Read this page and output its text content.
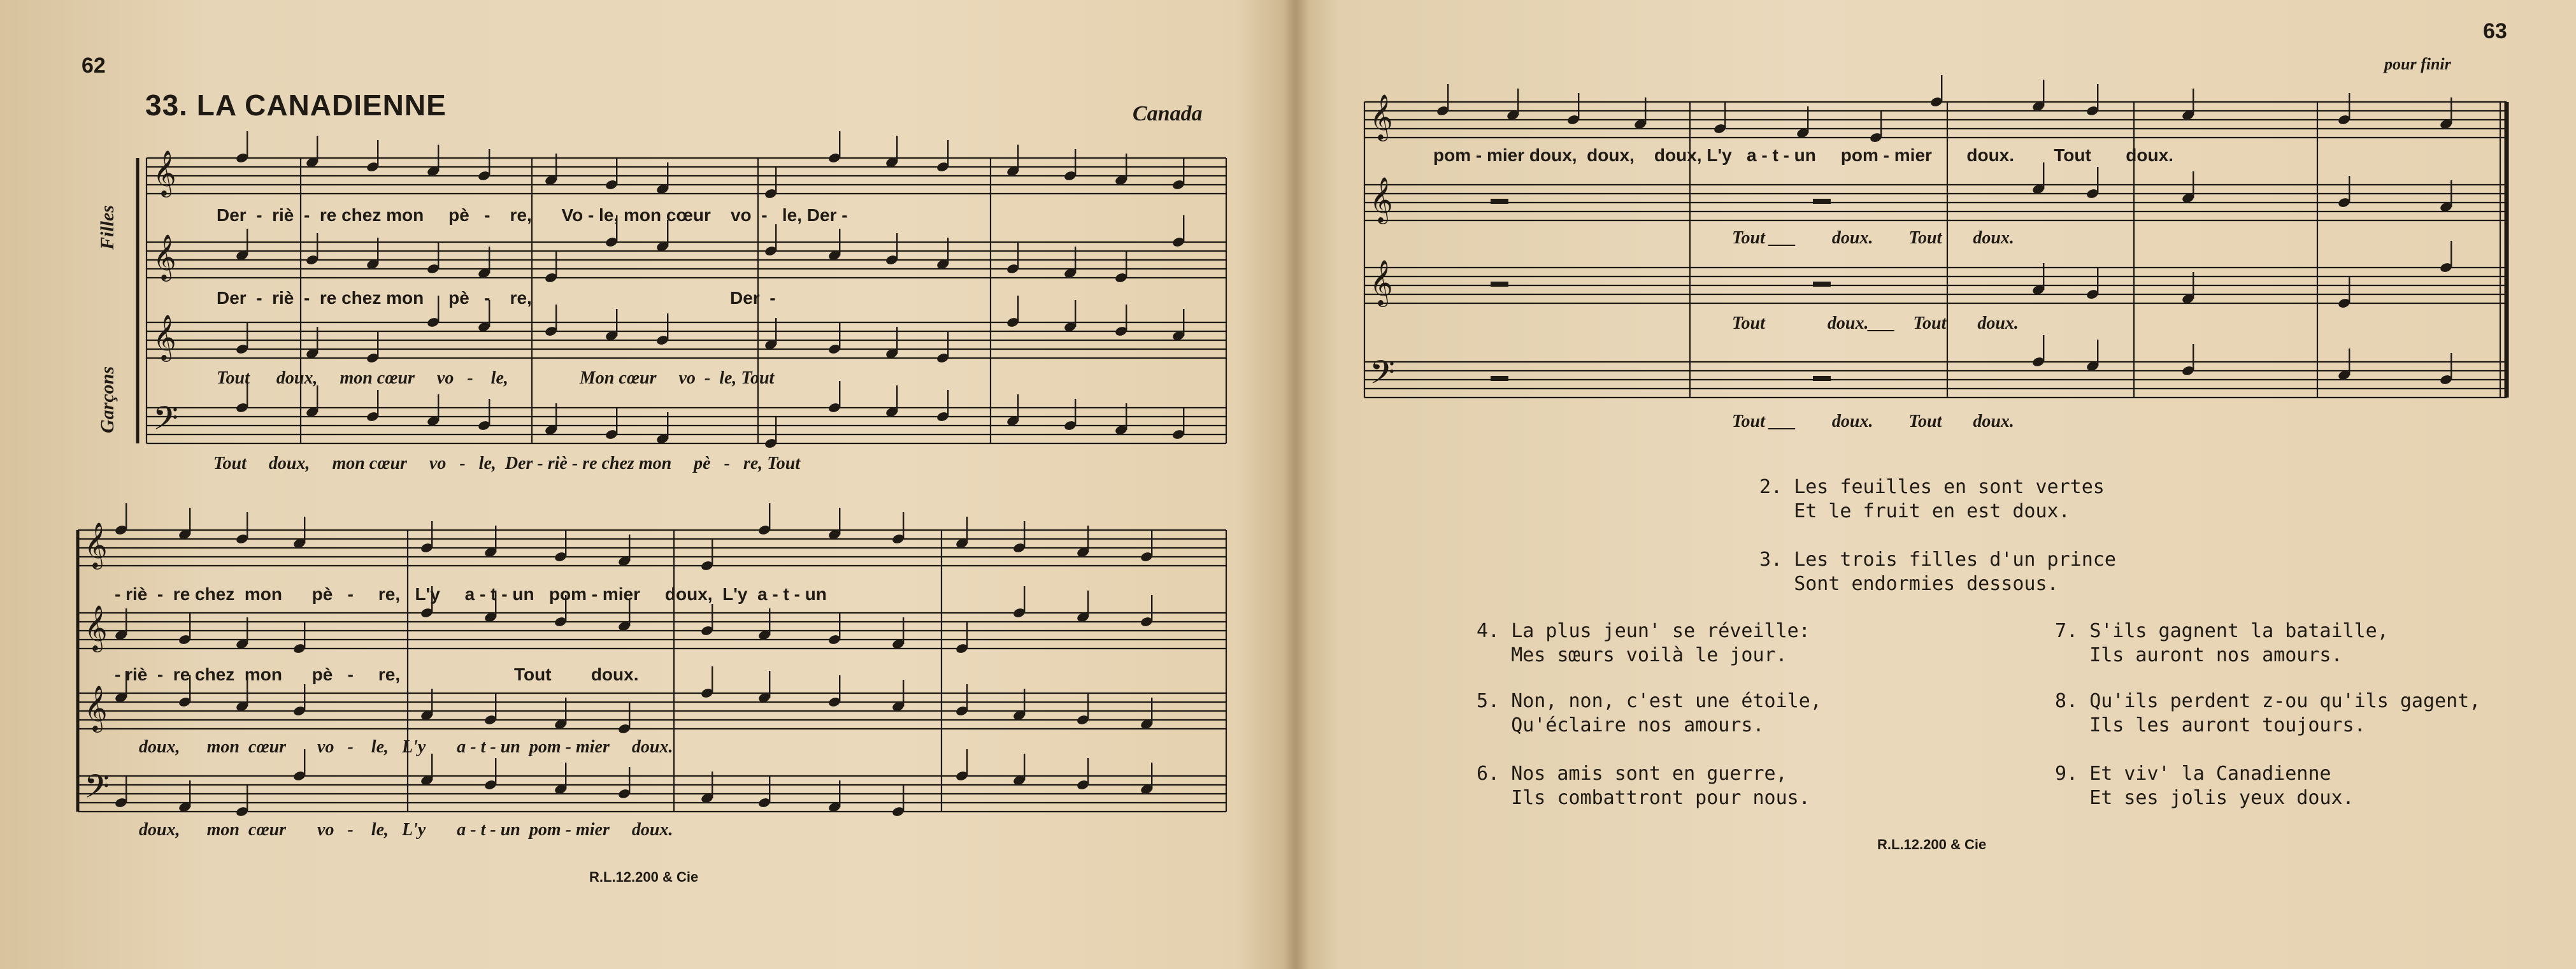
62
33. LA CANADIENNE	Canada
Filles
Garçons
𝄞
𝄞
𝄞
𝄢
𝄞
𝄞
𝄞
𝄢
Der  -  riè  -  re chez mon     pè   -    re,      Vo - le, mon cœur    vo  -   le, Der -
Der  -  riè  -  re chez mon     pè   -    re,                                        Der  -
Tout      doux,     mon cœur     vo   -    le,                Mon cœur     vo  -  le, Tout
Tout     doux,     mon cœur     vo   -   le,  Der - riè - re chez mon     pè   -   re, Tout
- riè  -  re chez  mon      pè   -     re,   L'y     a - t - un   pom - mier     doux,  L'y  a - t - un
- riè  -  re chez  mon      pè   -     re,                       Tout        doux.
doux,      mon  cœur       vo   -    le,   L'y       a - t - un  pom - mier     doux.
doux,      mon  cœur       vo   -    le,   L'y       a - t - un  pom - mier     doux.
R.L.12.200 & Cie
63
pour finir
𝄞
𝄞
𝄞
𝄢
pom - mier doux,  doux,    doux, L'y   a - t - un     pom - mier       doux.        Tout       doux.
Tout ___        doux.        Tout       doux.
Tout              doux.___    Tout       doux.
Tout ___        doux.        Tout       doux.
2. Les feuilles en sont vertes
Et le fruit en est doux.
3. Les trois filles d'un prince
Sont endormies dessous.
4. La plus jeun' se réveille:
Mes sœurs voilà le jour.
5. Non, non, c'est une étoile,
Qu'éclaire nos amours.
6. Nos amis sont en guerre,
Ils combattront pour nous.
7. S'ils gagnent la bataille,
Ils auront nos amours.
8. Qu'ils perdent z-ou qu'ils gagent,
Ils les auront toujours.
9. Et viv' la Canadienne
Et ses jolis yeux doux.
R.L.12.200 & Cie
